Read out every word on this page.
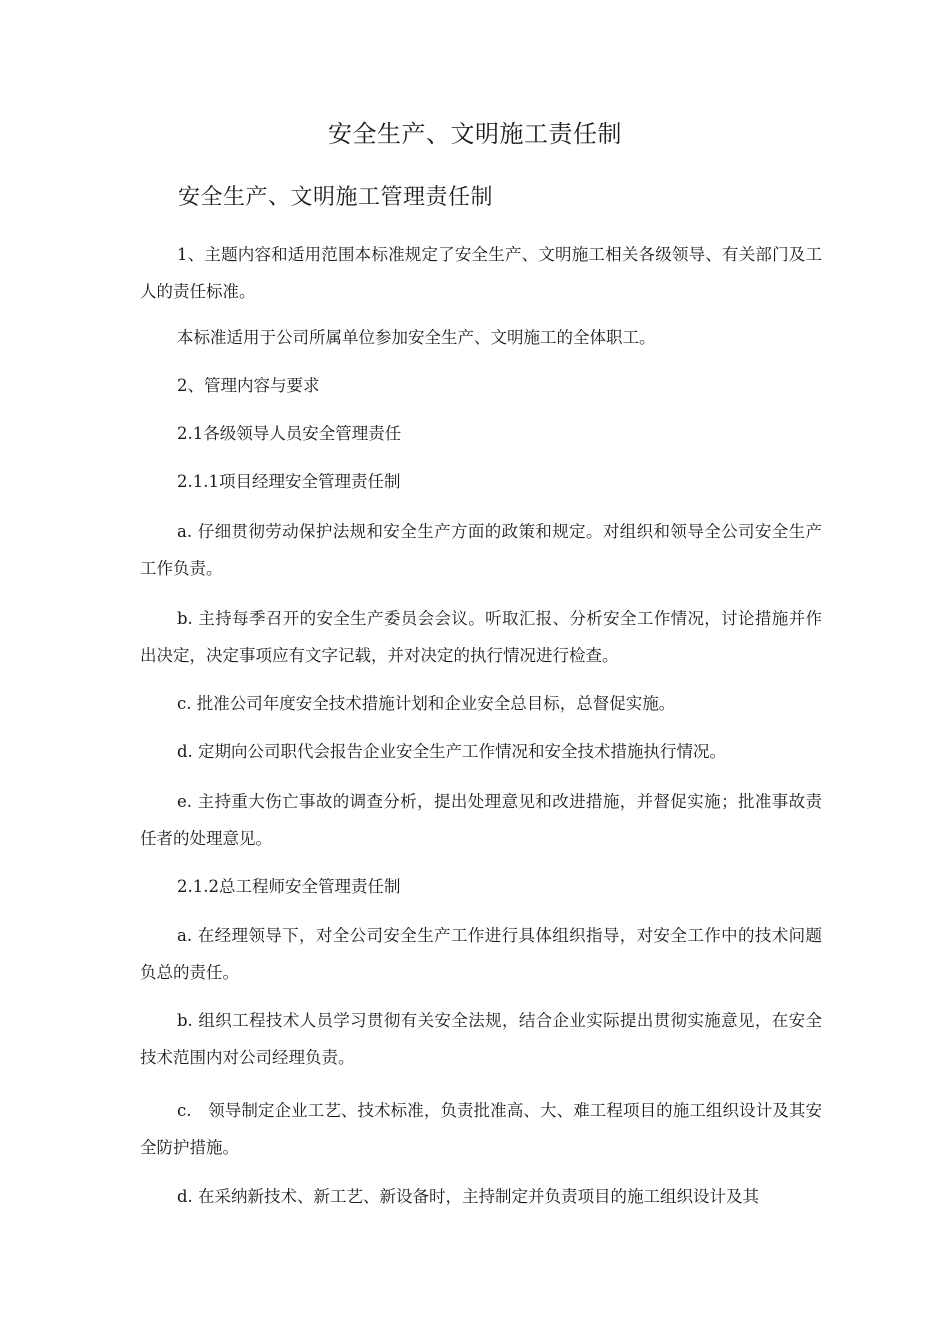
安全生产、文明施工责任制
安全生产、文明施工管理责任制

1、主题内容和适用范围本标准规定了安全生产、文明施工相关各级领导、有关部门及工人的责任标准。

本标准适用于公司所属单位参加安全生产、文明施工的全体职工。

2、管理内容与要求

2.1各级领导人员安全管理责任

2.1.1项目经理安全管理责任制

a. 仔细贯彻劳动保护法规和安全生产方面的政策和规定。对组织和领导全公司安全生产工作负责。

b. 主持每季召开的安全生产委员会会议。听取汇报、分析安全工作情况，讨论措施并作出决定，决定事项应有文字记载，并对决定的执行情况进行检查。

c. 批准公司年度安全技术措施计划和企业安全总目标，总督促实施。

d. 定期向公司职代会报告企业安全生产工作情况和安全技术措施执行情况。

e. 主持重大伤亡事故的调查分析，提出处理意见和改进措施，并督促实施；批准事故责任者的处理意见。

2.1.2总工程师安全管理责任制

a. 在经理领导下，对全公司安全生产工作进行具体组织指导，对安全工作中的技术问题负总的责任。

b. 组织工程技术人员学习贯彻有关安全法规，结合企业实际提出贯彻实施意见，在安全技术范围内对公司经理负责。

c.　领导制定企业工艺、技术标准，负责批准高、大、难工程项目的施工组织设计及其安全防护措施。

d. 在采纳新技术、新工艺、新设备时，主持制定并负责项目的施工组织设计及其
